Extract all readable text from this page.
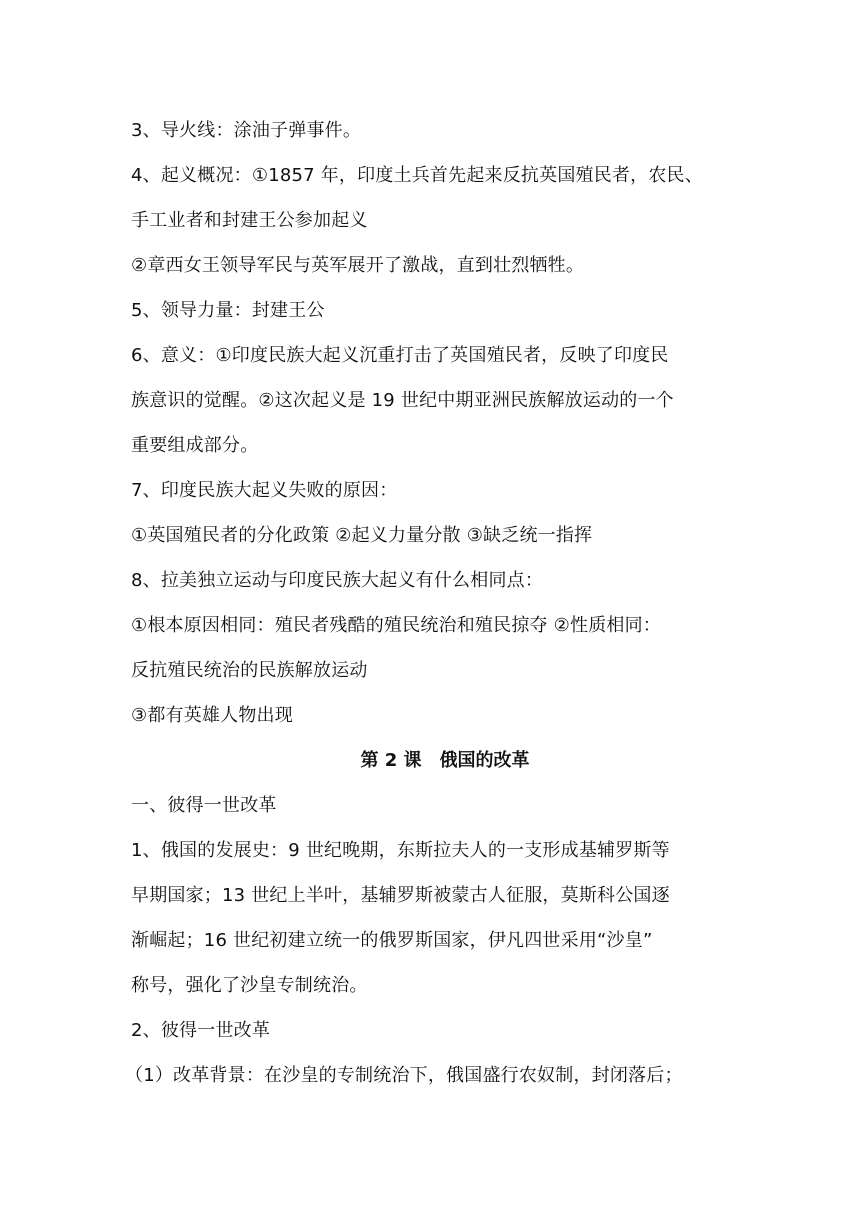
3、导火线：涂油子弹事件。
4、起义概况：①1857 年，印度土兵首先起来反抗英国殖民者，农民、
手工业者和封建王公参加起义
②章西女王领导军民与英军展开了激战，直到壮烈牺牲。
5、领导力量：封建王公
6、意义：①印度民族大起义沉重打击了英国殖民者，反映了印度民
族意识的觉醒。②这次起义是 19 世纪中期亚洲民族解放运动的一个
重要组成部分。
7、印度民族大起义失败的原因：
①英国殖民者的分化政策 ②起义力量分散 ③缺乏统一指挥
8、拉美独立运动与印度民族大起义有什么相同点：
①根本原因相同：殖民者残酷的殖民统治和殖民掠夺 ②性质相同：
反抗殖民统治的民族解放运动
③都有英雄人物出现
第 2 课 俄国的改革
一、彼得一世改革
1、俄国的发展史：9 世纪晚期，东斯拉夫人的一支形成基辅罗斯等
早期国家；13 世纪上半叶，基辅罗斯被蒙古人征服，莫斯科公国逐
渐崛起；16 世纪初建立统一的俄罗斯国家，伊凡四世采用“沙皇”
称号，强化了沙皇专制统治。
2、彼得一世改革
（1）改革背景：在沙皇的专制统治下，俄国盛行农奴制，封闭落后；
